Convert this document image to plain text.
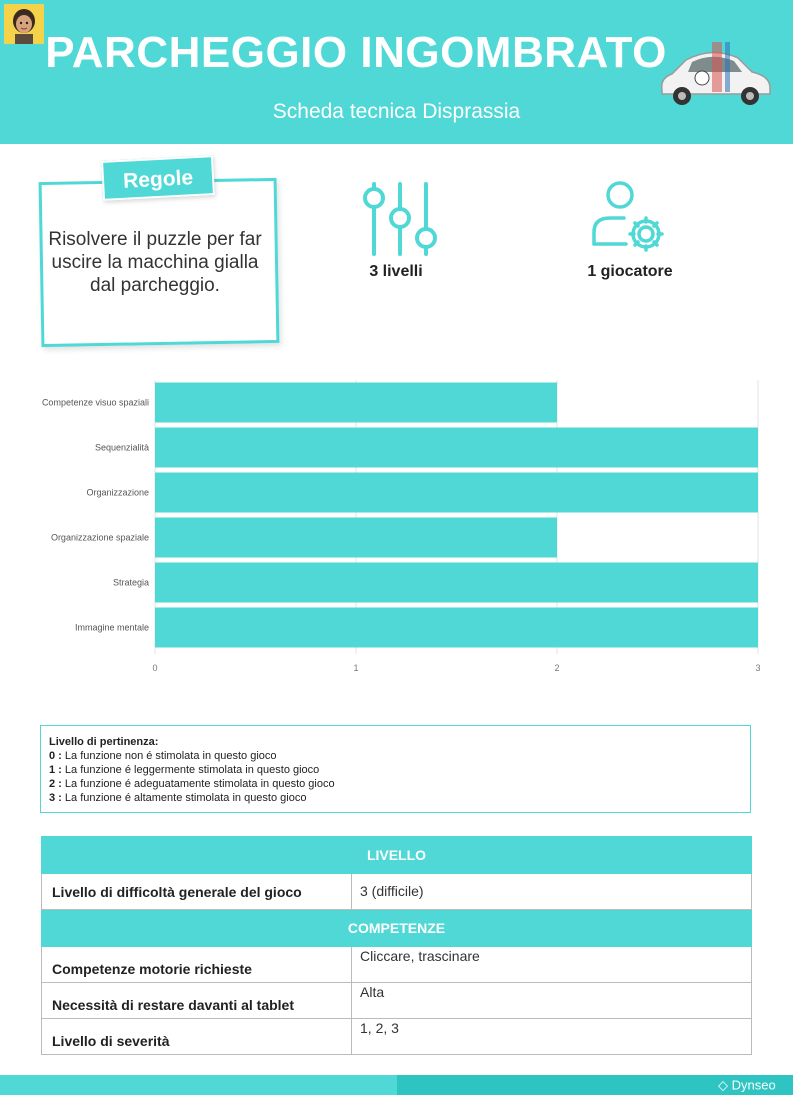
PARCHEGGIO INGOMBRATO
Scheda tecnica Disprassia
Risolvere il puzzle per far uscire la macchina gialla dal parcheggio.
Regole
3 livelli	1 giocatore
Competenze visuo spaziali
Sequenzialità
Organizzazione
Organizzazione spaziale
Strategia
Immagine mentale
0	1	2	3
Livello di pertinenza:
0 : La funzione non é stimolata in questo gioco
1 : La funzione é leggermente stimolata in questo gioco
2 : La funzione é adeguatamente stimolata in questo gioco
3 : La funzione é altamente stimolata in questo gioco
LIVELLO	
Livello di difficoltà generale del gioco	3 (difficile)
COMPETENZE	
Competenze motorie richieste	Cliccare, trascinare
Necessità di restare davanti al tablet	Alta
Livello di severità	1, 2, 3
◇ Dynseo
